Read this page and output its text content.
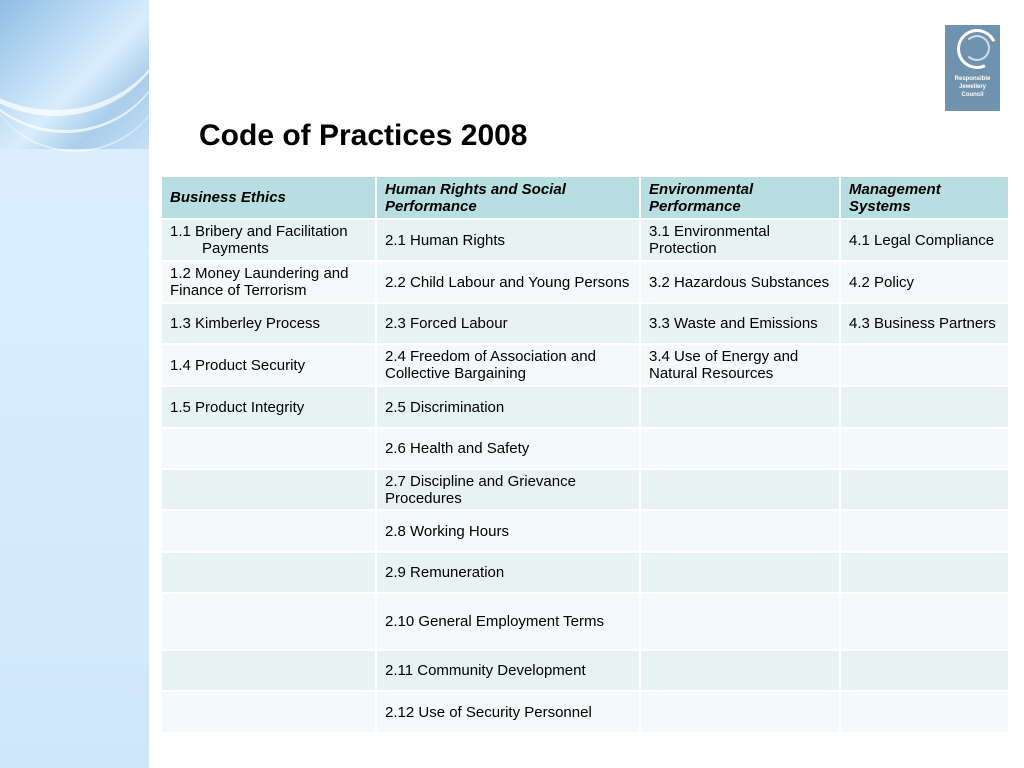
Responsible
Jewellery
Council
Code of Practices 2008
Business Ethics	Human Rights and Social Performance	Environmental Performance	Management Systems

1.1 Bribery and Facilitation Payments	2.1 Human Rights	3.1 Environmental Protection	4.1 Legal Compliance
1.2 Money Laundering and Finance of Terrorism	2.2 Child Labour and Young Persons	3.2 Hazardous Substances	4.2 Policy
1.3 Kimberley Process	2.3 Forced Labour	3.3 Waste and Emissions	4.3 Business Partners
1.4 Product Security	2.4 Freedom of Association and Collective Bargaining	3.4 Use of Energy and Natural Resources	
1.5 Product Integrity	2.5 Discrimination		
	2.6 Health and Safety		
	2.7 Discipline and Grievance Procedures		
	2.8 Working Hours		
	2.9 Remuneration		
	2.10 General Employment Terms		
	2.11 Community Development		
	2.12 Use of Security Personnel		
